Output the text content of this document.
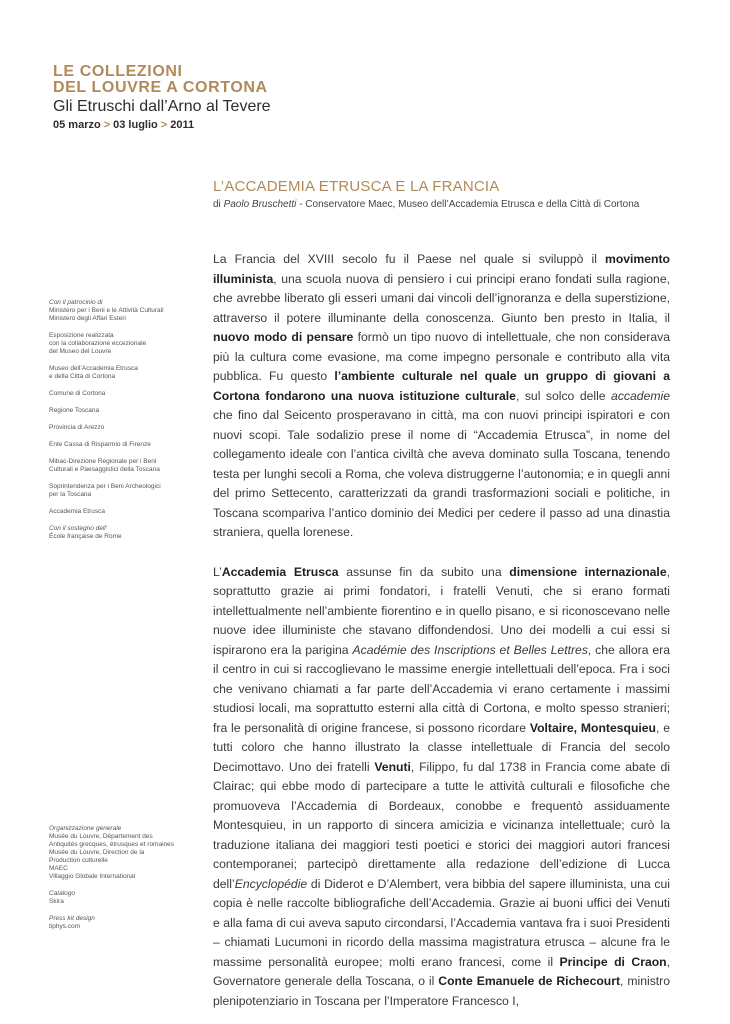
LE COLLEZIONI
DEL LOUVRE A CORTONA
Gli Etruschi dall’Arno al Tevere
05 marzo > 03 luglio > 2011
Con il patrocinio di
Ministero per i Beni e le Attività Culturali
Ministero degli Affari Esteri
Esposizione realizzata
con la collaborazione eccezionale
del Museo del Louvre
Museo dell’Accademia Etrusca
e della Città di Cortona
Comune di Cortona
Regione Toscana
Provincia di Arezzo
Ente Cassa di Risparmio di Firenze
Mibac-Direzione Regionale per i Beni
Culturali e Paesaggistici della Toscana
Soprintendenza per i Beni Archeologici
per la Toscana
Accademia Etrusca
Con il sostegno dell’
École française de Rome
Organizzazione generale
Musée du Louvre, Département des
Antiquités grecques, étrusques et romaines
Musée du Louvre, Direction de la
Production culturelle
MAEC
Villaggio Globale International
Catalogo
Skira
Press kit design
tiphys.com
L’ACCADEMIA ETRUSCA E LA FRANCIA
di Paolo Bruschetti - Conservatore Maec, Museo dell’Accademia Etrusca e della Città di Cortona

La Francia del XVIII secolo fu il Paese nel quale si sviluppò il movimento illuminista, una scuola nuova di pensiero i cui principi erano fondati sulla ragione, che avrebbe liberato gli esseri umani dai vincoli dell’ignoranza e della superstizione, attraverso il potere illuminante della conoscenza. Giunto ben presto in Italia, il nuovo modo di pensare formò un tipo nuovo di intellettuale, che non considerava più la cultura come evasione, ma come impegno personale e contributo alla vita pubblica. Fu questo l’ambiente culturale nel quale un gruppo di giovani a Cortona fondarono una nuova istituzione culturale, sul solco delle accademie che fino dal Seicento prosperavano in città, ma con nuovi principi ispiratori e con nuovi scopi. Tale sodalizio prese il nome di “Accademia Etrusca”, in nome del collegamento ideale con l’antica civiltà che aveva dominato sulla Toscana, tenendo testa per lunghi secoli a Roma, che voleva distruggerne l’autonomia; e in quegli anni del primo Settecento, caratterizzati da grandi trasformazioni sociali e politiche, in Toscana scompariva l’antico dominio dei Medici per cedere il passo ad una dinastia straniera, quella lorenese.

L’Accademia Etrusca assunse fin da subito una dimensione internazionale, soprattutto grazie ai primi fondatori, i fratelli Venuti, che si erano formati intellettualmente nell’ambiente fiorentino e in quello pisano, e si riconoscevano nelle nuove idee illuministe che stavano diffondendosi. Uno dei modelli a cui essi si ispirarono era la parigina Académie des Inscriptions et Belles Lettres, che allora era il centro in cui si raccoglievano le massime energie intellettuali dell’epoca. Fra i soci che venivano chiamati a far parte dell’Accademia vi erano certamente i massimi studiosi locali, ma soprattutto esterni alla città di Cortona, e molto spesso stranieri; fra le personalità di origine francese, si possono ricordare Voltaire, Montesquieu, e tutti coloro che hanno illustrato la classe intellettuale di Francia del secolo Decimottavo. Uno dei fratelli Venuti, Filippo, fu dal 1738 in Francia come abate di Clairac; qui ebbe modo di partecipare a tutte le attività culturali e filosofiche che promuoveva l’Accademia di Bordeaux, conobbe e frequentò assiduamente Montesquieu, in un rapporto di sincera amicizia e vicinanza intellettuale; curò la traduzione italiana dei maggiori testi poetici e storici dei maggiori autori francesi contemporanei; partecipò direttamente alla redazione dell’edizione di Lucca dell’Encyclopédie di Diderot e D’Alembert, vera bibbia del sapere illuminista, una cui copia è nelle raccolte bibliografiche dell’Accademia. Grazie ai buoni uffici dei Venuti e alla fama di cui aveva saputo circondarsi, l’Accademia vantava fra i suoi Presidenti – chiamati Lucumoni in ricordo della massima magistratura etrusca – alcune fra le massime personalità europee; molti erano francesi, come il Principe di Craon, Governatore generale della Toscana, o il Conte Emanuele de Richecourt, ministro plenipotenziario in Toscana per l’Imperatore Francesco I,
